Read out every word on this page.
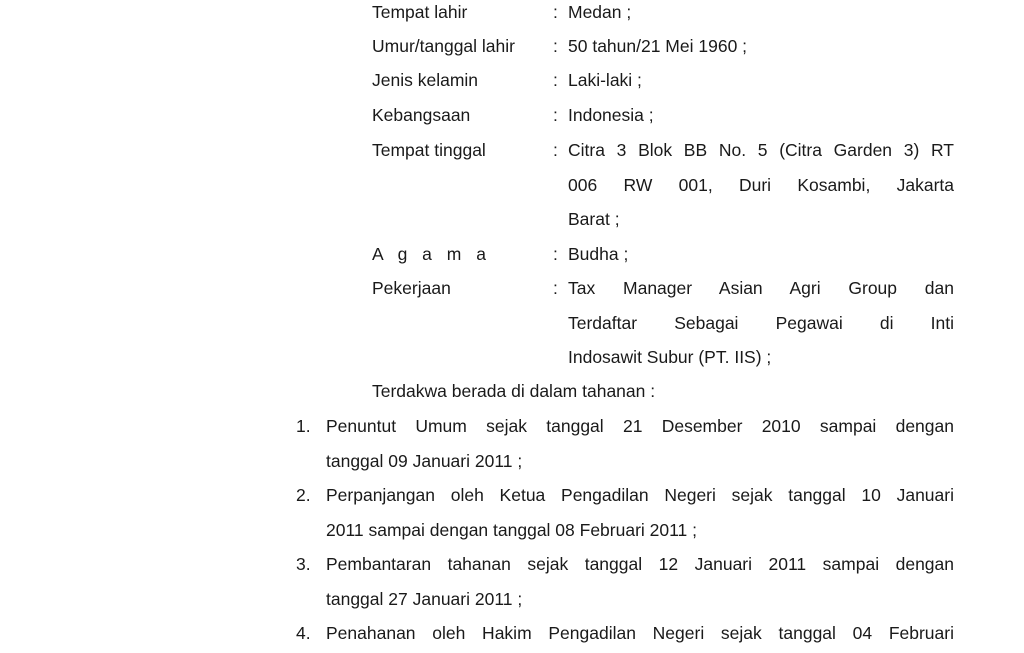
Tempat lahir	: Medan ;
Umur/tanggal lahir : 50 tahun/21 Mei 1960 ;
Jenis kelamin	: Laki-laki ;
Kebangsaan	: Indonesia ;
Tempat tinggal	: Citra 3 Blok BB No. 5 (Citra Garden 3) RT
006 RW 001, Duri Kosambi, Jakarta
Barat ;
A g a m a	: Budha ;
Pekerjaan	: Tax Manager Asian Agri Group dan
Terdaftar Sebagai Pegawai di Inti
Indosawit Subur (PT. IIS) ;
Terdakwa berada di dalam tahanan :
1. Penuntut Umum sejak tanggal 21 Desember 2010 sampai dengan
tanggal 09 Januari 2011 ;
2. Perpanjangan oleh Ketua Pengadilan Negeri sejak tanggal 10 Januari
2011 sampai dengan tanggal 08 Februari 2011 ;
3. Pembantaran tahanan sejak tanggal 12 Januari 2011 sampai dengan
tanggal 27 Januari 2011 ;
4. Penahanan oleh Hakim Pengadilan Negeri sejak tanggal 04 Februari
